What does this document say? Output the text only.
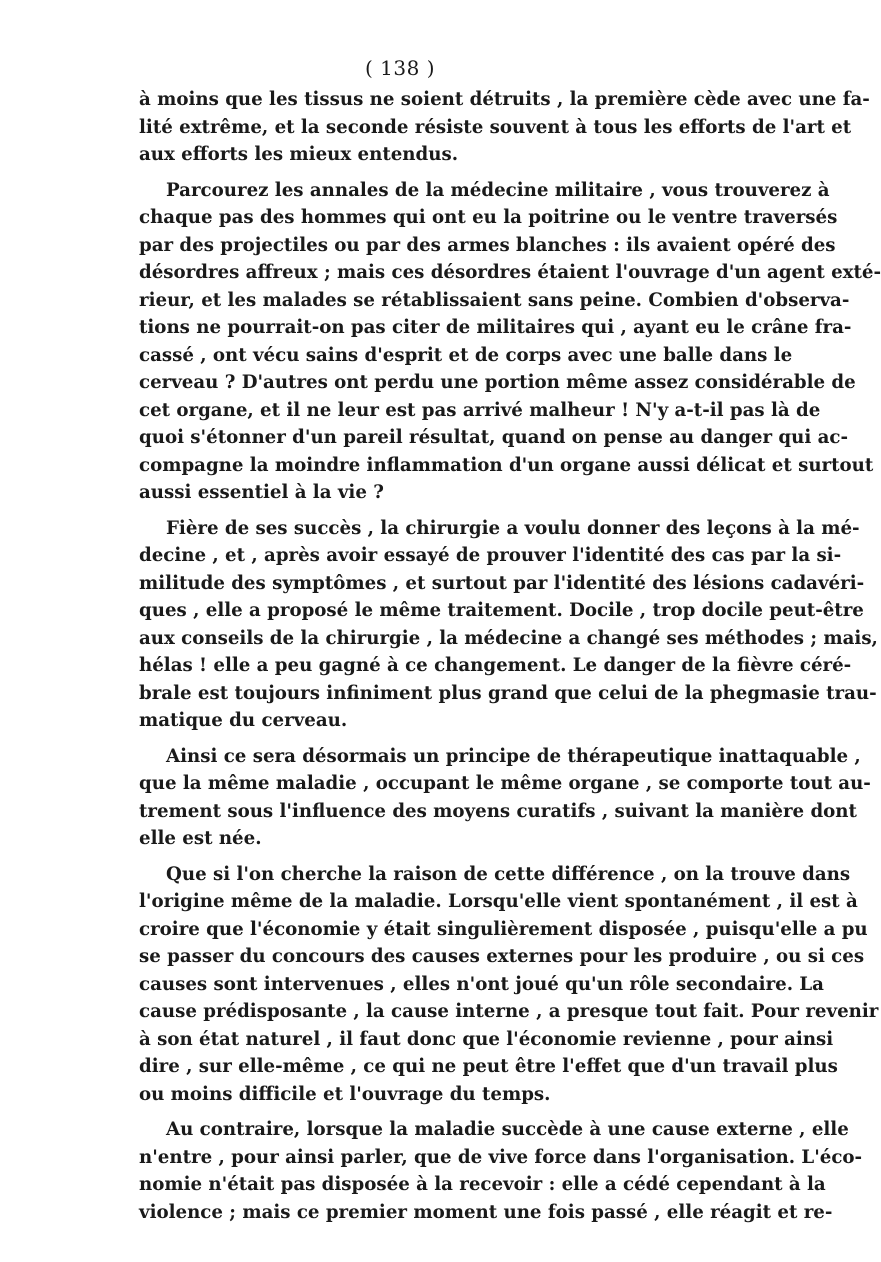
( 138 )
à moins que les tissus ne soient détruits , la première cède avec une fa-
lité extrême, et la seconde résiste souvent à tous les efforts de l'art et
aux efforts les mieux entendus.
Parcourez les annales de la médecine militaire , vous trouverez à
chaque pas des hommes qui ont eu la poitrine ou le ventre traversés
par des projectiles ou par des armes blanches : ils avaient opéré des
désordres affreux ; mais ces désordres étaient l'ouvrage d'un agent exté-
rieur, et les malades se rétablissaient sans peine. Combien d'observa-
tions ne pourrait-on pas citer de militaires qui , ayant eu le crâne fra-
cassé , ont vécu sains d'esprit et de corps avec une balle dans le
cerveau ? D'autres ont perdu une portion même assez considérable de
cet organe, et il ne leur est pas arrivé malheur ! N'y a-t-il pas là de
quoi s'étonner d'un pareil résultat, quand on pense au danger qui ac-
compagne la moindre inflammation d'un organe aussi délicat et surtout
aussi essentiel à la vie ?
Fière de ses succès , la chirurgie a voulu donner des leçons à la mé-
decine , et , après avoir essayé de prouver l'identité des cas par la si-
militude des symptômes , et surtout par l'identité des lésions cadavéri-
ques , elle a proposé le même traitement. Docile , trop docile peut-être
aux conseils de la chirurgie , la médecine a changé ses méthodes ; mais,
hélas ! elle a peu gagné à ce changement. Le danger de la fièvre céré-
brale est toujours infiniment plus grand que celui de la phegmasie trau-
matique du cerveau.
Ainsi ce sera désormais un principe de thérapeutique inattaquable ,
que la même maladie , occupant le même organe , se comporte tout au-
trement sous l'influence des moyens curatifs , suivant la manière dont
elle est née.
Que si l'on cherche la raison de cette différence , on la trouve dans
l'origine même de la maladie. Lorsqu'elle vient spontanément , il est à
croire que l'économie y était singulièrement disposée , puisqu'elle a pu
se passer du concours des causes externes pour les produire , ou si ces
causes sont intervenues , elles n'ont joué qu'un rôle secondaire. La
cause prédisposante , la cause interne , a presque tout fait. Pour revenir
à son état naturel , il faut donc que l'économie revienne , pour ainsi
dire , sur elle-même , ce qui ne peut être l'effet que d'un travail plus
ou moins difficile et l'ouvrage du temps.
Au contraire, lorsque la maladie succède à une cause externe , elle
n'entre , pour ainsi parler, que de vive force dans l'organisation. L'éco-
nomie n'était pas disposée à la recevoir : elle a cédé cependant à la
violence ; mais ce premier moment une fois passé , elle réagit et re-
